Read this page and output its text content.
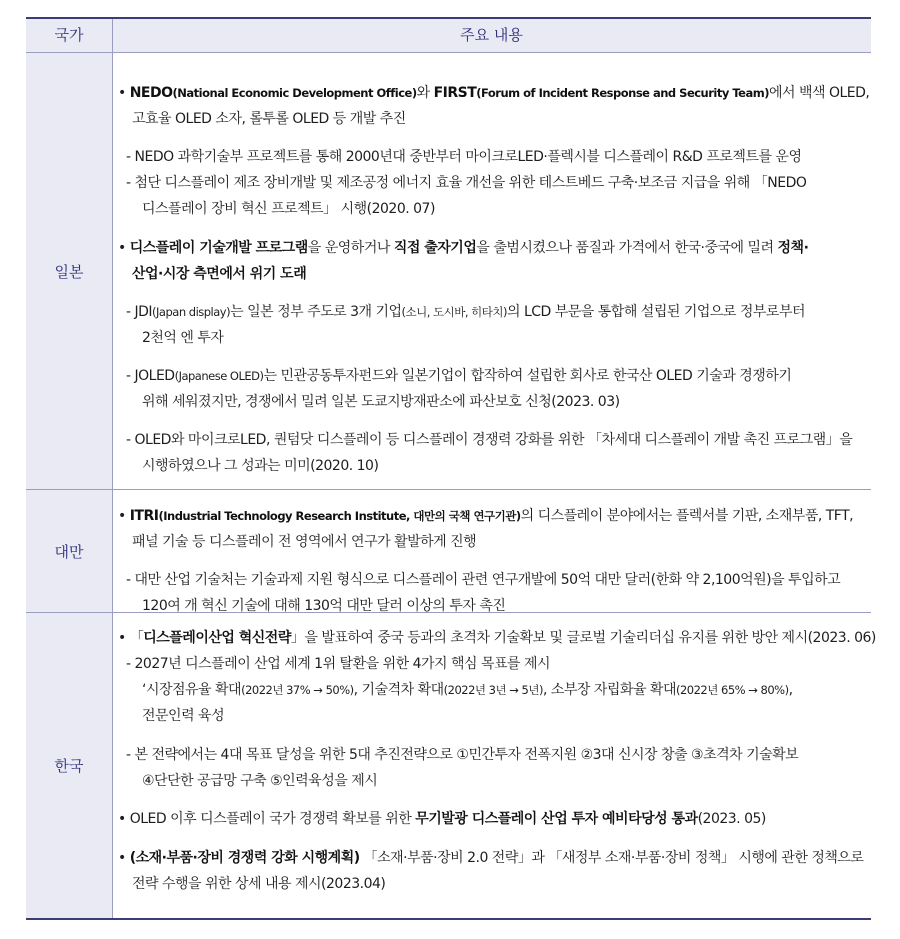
국가	주요 내용
일본
• NEDO(National Economic Development Office)와 FIRST(Forum of Incident Response and Security Team)에서 백색 OLED,
고효율 OLED 소자, 롤투롤 OLED 등 개발 추진
- NEDO 과학기술부 프로젝트를 통해 2000년대 중반부터 마이크로LED·플렉시블 디스플레이 R&D 프로젝트를 운영
- 첨단 디스플레이 제조 장비개발 및 제조공정 에너지 효율 개선을 위한 테스트베드 구축·보조금 지급을 위해 「NEDO
디스플레이 장비 혁신 프로젝트」 시행(2020. 07)
• 디스플레이 기술개발 프로그램을 운영하거나 직접 출자기업을 출범시켰으나 품질과 가격에서 한국·중국에 밀려 정책·
산업·시장 측면에서 위기 도래
- JDI(Japan display)는 일본 정부 주도로 3개 기업(소니, 도시바, 히타치)의 LCD 부문을 통합해 설립된 기업으로 정부로부터
2천억 엔 투자
- JOLED(Japanese OLED)는 민관공동투자펀드와 일본기업이 합작하여 설립한 회사로 한국산 OLED 기술과 경쟁하기
위해 세워졌지만, 경쟁에서 밀려 일본 도쿄지방재판소에 파산보호 신청(2023. 03)
- OLED와 마이크로LED, 퀀텀닷 디스플레이 등 디스플레이 경쟁력 강화를 위한 「차세대 디스플레이 개발 촉진 프로그램」을
시행하였으나 그 성과는 미미(2020. 10)
대만
• ITRI(Industrial Technology Research Institute, 대만의 국책 연구기관)의 디스플레이 분야에서는 플렉서블 기판, 소재부품, TFT,
패널 기술 등 디스플레이 전 영역에서 연구가 활발하게 진행
- 대만 산업 기술처는 기술과제 지원 형식으로 디스플레이 관련 연구개발에 50억 대만 달러(한화 약 2,100억원)을 투입하고
120여 개 혁신 기술에 대해 130억 대만 달러 이상의 투자 촉진
한국
• 「디스플레이산업 혁신전략」을 발표하여 중국 등과의 초격차 기술확보 및 글로벌 기술리더십 유지를 위한 방안 제시(2023. 06)
- 2027년 디스플레이 산업 세계 1위 탈환을 위한 4가지 핵심 목표를 제시
‘시장점유율 확대(2022년 37% → 50%), 기술격차 확대(2022년 3년 → 5년), 소부장 자립화율 확대(2022년 65% → 80%),
전문인력 육성
- 본 전략에서는 4대 목표 달성을 위한 5대 추진전략으로 ①민간투자 전폭지원 ②3대 신시장 창출 ③초격차 기술확보
④단단한 공급망 구축 ⑤인력육성을 제시
• OLED 이후 디스플레이 국가 경쟁력 확보를 위한 무기발광 디스플레이 산업 투자 예비타당성 통과(2023. 05)
• (소재·부품·장비 경쟁력 강화 시행계획) 「소재·부품·장비 2.0 전략」과 「새정부 소재·부품·장비 정책」 시행에 관한 정책으로
전략 수행을 위한 상세 내용 제시(2023.04)
